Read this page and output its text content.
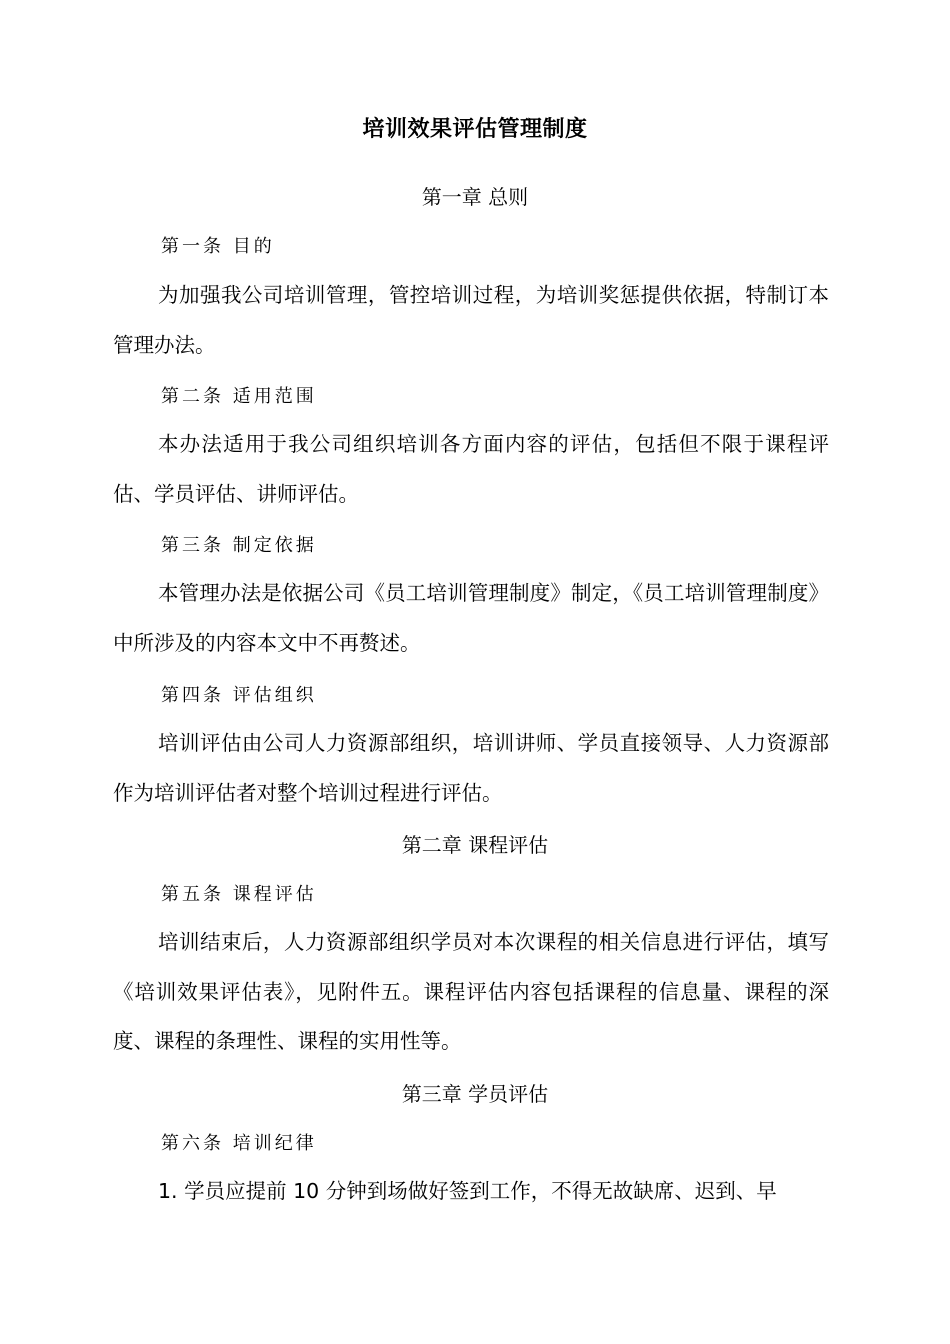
培训效果评估管理制度
第一章 总则
第一条 目的

为加强我公司培训管理，管控培训过程，为培训奖惩提供依据，特制订本管理办法。

第二条 适用范围

本办法适用于我公司组织培训各方面内容的评估，包括但不限于课程评估、学员评估、讲师评估。

第三条 制定依据

本管理办法是依据公司《员工培训管理制度》制定，《员工培训管理制度》中所涉及的内容本文中不再赘述。

第四条 评估组织

培训评估由公司人力资源部组织，培训讲师、学员直接领导、人力资源部作为培训评估者对整个培训过程进行评估。

第二章 课程评估
第五条 课程评估

培训结束后，人力资源部组织学员对本次课程的相关信息进行评估，填写《培训效果评估表》，见附件五。课程评估内容包括课程的信息量、课程的深度、课程的条理性、课程的实用性等。

第三章 学员评估
第六条 培训纪律

1. 学员应提前 10 分钟到场做好签到工作，不得无故缺席、迟到、早
